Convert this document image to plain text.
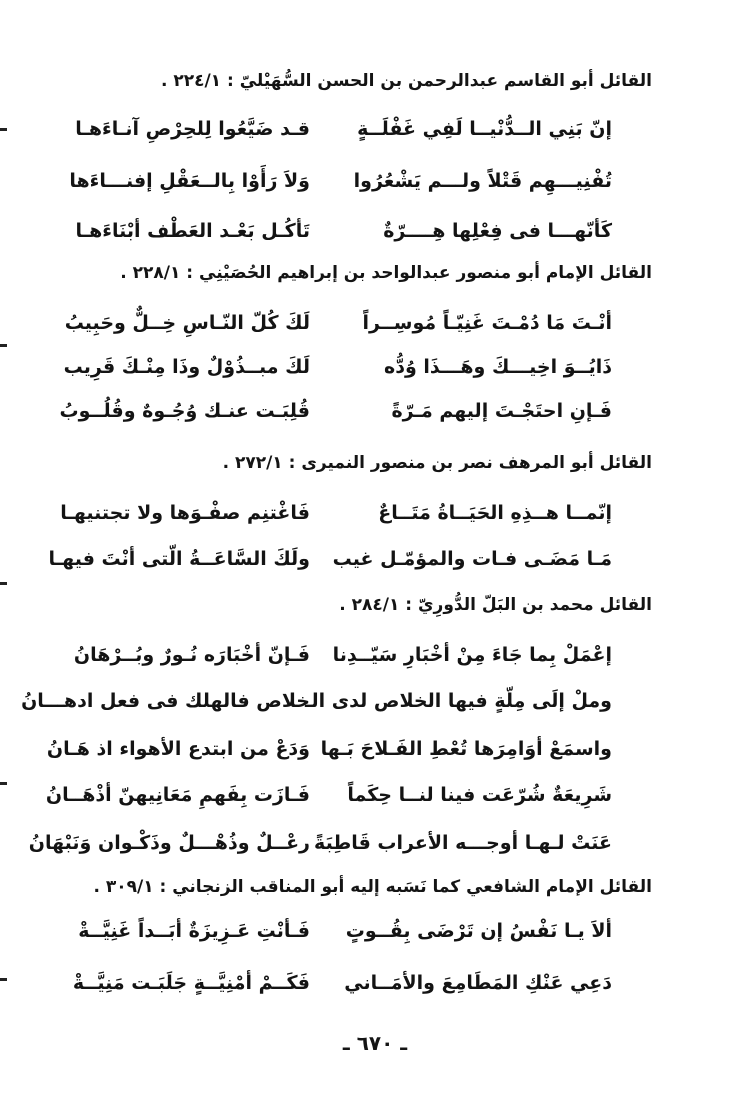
القائل أبو القاسم عبدالرحمن بن الحسن السُّهَيْليّ : ٢٢٤/١ .
إنّ بَنِي الــدُّنْيــا لَفِي غَفْلَــةٍ
قـد ضَيَّعُوا لِلحِرْصِ آنـاءَهـا
تُفْنِيـــهِم قَتْلاً ولـــم يَشْعُرُوا
وَلاَ رَأَوْا بِالــعَقْلِ إفنـــاءَها
كَأنّهـــا فى فِعْلِها هِــــرّةٌ
تَأكُـل بَعْـد العَطْف أبْنَاءَهـا
القائل الإمام أبو منصور عبدالواحد بن إبراهيم الحُصَيْنِي : ٢٢٨/١ .
أنْـتَ مَا دُمْـتَ غَنِيّـاً مُوسِــراً
لَكَ كُلّ النّـاسِ خِــلٌّ وحَبِيبُ
ذَايُــوَ اخِيـــكَ وهَـــذَا وُدُّه
لَكَ مبــذُوْلٌ وذَا مِنْـكَ قَرِيب
فَـإنِ احتَجْـتَ إليهم مَـرّةً
قُلِبَـت عنـك وُجُـوهٌ وقُلُــوبُ
القائل أبو المرهف نصر بن منصور النميرى : ٢٧٢/١ .
إنّمــا هــذِهِ الحَيَــاةُ مَتَــاعٌ
فَاغْتنِم صفْـوَها ولا تجتنيهـا
مَـا مَضَـى فـات والمؤمّـل غيب
ولَكَ السَّاعَــةُ الّتى أنْتَ فيهـا
القائل محمد بن البَلّ الدُّورِيّ : ٢٨٤/١ .
إعْمَلْ بِما جَاءَ مِنْ أخْبَارِ سَيّــدِنا
فَـإنّ أخْبَارَه نُـورٌ وبُــرْهَانُ
وملْ إلَى مِلّةٍ فيها الخلاص لدى الـ
خلاص فالهلك فى فعل ادهـــانُ
واسمَعْ أوَامِرَها تُعْطِ الفَـلاحَ بَـها
وَدَعْ من ابتدع الأهواء اذ هَـانُ
شَرِيعَةٌ شُرّعَت فينا لنــا حِكَماً
فَـازَت بِفَهمِ مَعَانِيهنّ أذْهَــانُ
عَنَتْ لـهـا أوجـــه الأعراب قَاطِبَةً
رعْــلٌ وذُهْـــلٌ وذَكْـوان وَنَبْهَانُ
القائل الإمام الشافعي كما نَسَبه إليه أبو المناقب الزنجاني : ٣٠٩/١ .
ألاَ يـا نَفْسُ إن تَرْضَى بِقُــوتٍ
فَـأنْتِ عَـزِيزَةٌ أبَــداً غَنِيَّــةْ
دَعِي عَنْكِ المَطَامِعَ والأمَــاني
فَكَــمْ أمْنِيَّــةٍ جَلَبَـت مَنِيَّــةْ
ـ ٦٧٠ ـ
